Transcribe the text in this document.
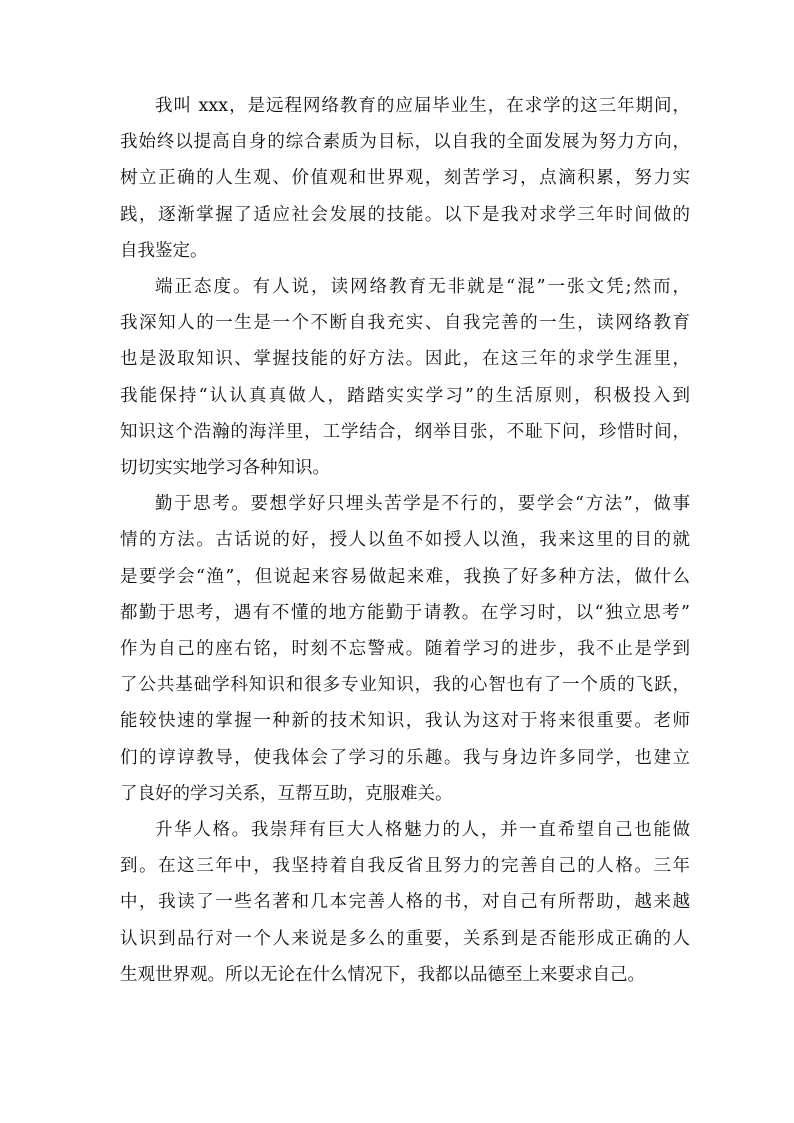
我叫 xxx，是远程网络教育的应届毕业生，在求学的这三年期间，
我始终以提高自身的综合素质为目标，以自我的全面发展为努力方向，
树立正确的人生观、价值观和世界观，刻苦学习，点滴积累，努力实
践，逐渐掌握了适应社会发展的技能。以下是我对求学三年时间做的
自我鉴定。

端正态度。有人说，读网络教育无非就是“混”一张文凭;然而，
我深知人的一生是一个不断自我充实、自我完善的一生，读网络教育
也是汲取知识、掌握技能的好方法。因此，在这三年的求学生涯里，
我能保持“认认真真做人，踏踏实实学习”的生活原则，积极投入到
知识这个浩瀚的海洋里，工学结合，纲举目张，不耻下问，珍惜时间，
切切实实地学习各种知识。

勤于思考。要想学好只埋头苦学是不行的，要学会“方法”，做事
情的方法。古话说的好，授人以鱼不如授人以渔，我来这里的目的就
是要学会“渔”，但说起来容易做起来难，我换了好多种方法，做什么
都勤于思考，遇有不懂的地方能勤于请教。在学习时，以“独立思考”
作为自己的座右铭，时刻不忘警戒。随着学习的进步，我不止是学到
了公共基础学科知识和很多专业知识，我的心智也有了一个质的飞跃，
能较快速的掌握一种新的技术知识，我认为这对于将来很重要。老师
们的谆谆教导，使我体会了学习的乐趣。我与身边许多同学，也建立
了良好的学习关系，互帮互助，克服难关。

升华人格。我崇拜有巨大人格魅力的人，并一直希望自己也能做
到。在这三年中，我坚持着自我反省且努力的完善自己的人格。三年
中，我读了一些名著和几本完善人格的书，对自己有所帮助，越来越
认识到品行对一个人来说是多么的重要，关系到是否能形成正确的人
生观世界观。所以无论在什么情况下，我都以品德至上来要求自己。
